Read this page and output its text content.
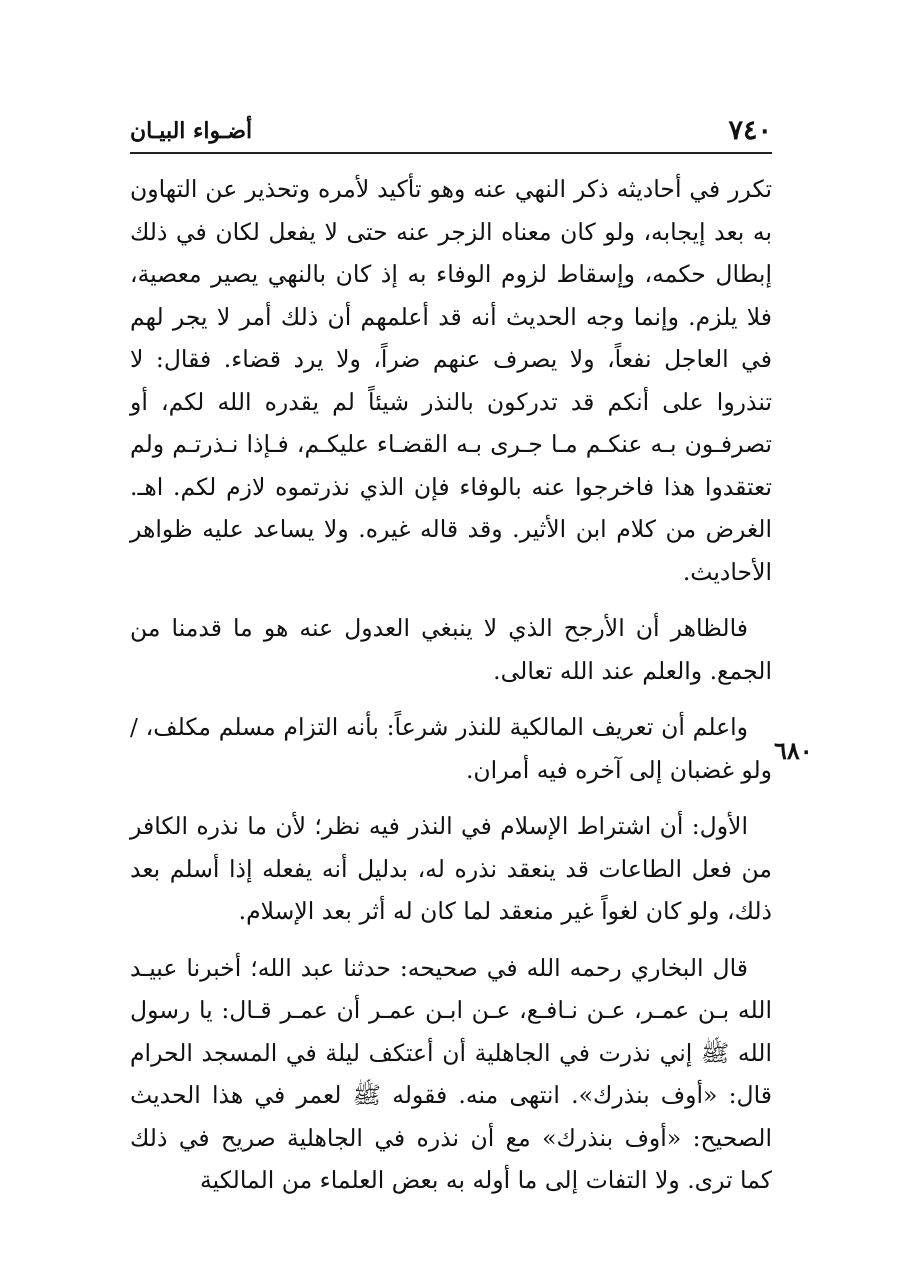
٧٤٠
أضـواء البيـان
٦٨٠

تكرر في أحاديثه ذكر النهي عنه وهو تأكيد لأمره وتحذير عن التهاون به بعد إيجابه، ولو كان معناه الزجر عنه حتى لا يفعل لكان في ذلك إبطال حكمه، وإسقاط لزوم الوفاء به إذ كان بالنهي يصير معصية، فلا يلزم. وإنما وجه الحديث أنه قد أعلمهم أن ذلك أمر لا يجر لهم في العاجل نفعاً، ولا يصرف عنهم ضراً، ولا يرد قضاء. فقال: لا تنذروا على أنكم قد تدركون بالنذر شيئاً لم يقدره الله لكم، أو تصرفـون بـه عنكـم مـا جـرى بـه القضـاء عليكـم، فـإذا نـذرتـم ولم تعتقدوا هذا فاخرجوا عنه بالوفاء فإن الذي نذرتموه لازم لكم. اهـ. الغرض من كلام ابن الأثير. وقد قاله غيره. ولا يساعد عليه ظواهر الأحاديث.

فالظاهر أن الأرجح الذي لا ينبغي العدول عنه هو ما قدمنا من الجمع. والعلم عند الله تعالى.

واعلم أن تعريف المالكية للنذر شرعاً: بأنه التزام مسلم مكلف، / ولو غضبان إلى آخره فيه أمران.

الأول: أن اشتراط الإسلام في النذر فيه نظر؛ لأن ما نذره الكافر من فعل الطاعات قد ينعقد نذره له، بدليل أنه يفعله إذا أسلم بعد ذلك، ولو كان لغواً غير منعقد لما كان له أثر بعد الإسلام.

قال البخاري رحمه الله في صحيحه: حدثنا عبد الله؛ أخبرنا عبيـد الله بـن عمـر، عـن نـافـع، عـن ابـن عمـر أن عمـر قـال: يا رسول الله ﷺ إني نذرت في الجاهلية أن أعتكف ليلة في المسجد الحرام قال: «أوف بنذرك». انتهى منه. فقوله ﷺ لعمر في هذا الحديث الصحيح: «أوف بنذرك» مع أن نذره في الجاهلية صريح في ذلك كما ترى. ولا التفات إلى ما أوله به بعض العلماء من المالكية
